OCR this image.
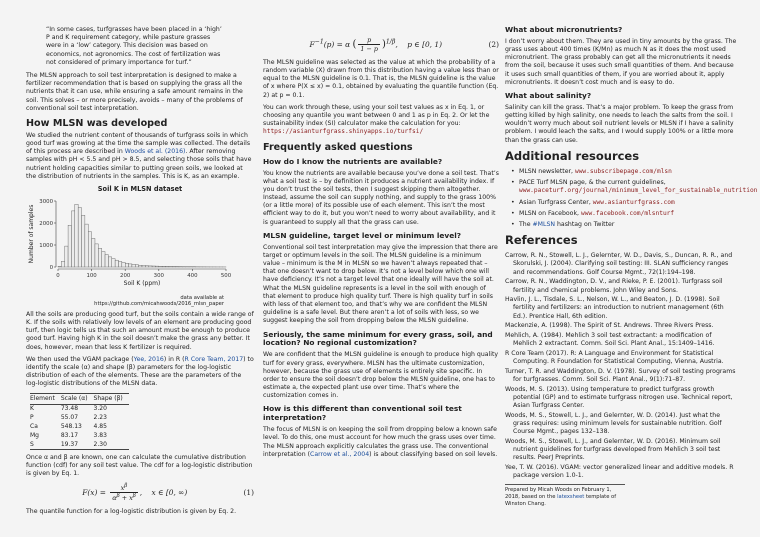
“In some cases, turfgrasses have been placed in a ‘high’ P and K requirement category, while pasture grasses were in a ‘low’ category. This decision was based on economics, not agronomics. The cost of fertilization was not considered of primary importance for turf.”

The MLSN approach to soil test interpretation is designed to make a fertilizer recommendation that is based on supplying the grass all the nutrients that it can use, while ensuring a safe amount remains in the soil. This solves – or more precisely, avoids – many of the problems of conventional soil test interpretation.

How MLSN was developed

We studied the nutrient content of thousands of turfgrass soils in which good turf was growing at the time the sample was collected. The details of this process are described in Woods et al. (2016). After removing samples with pH < 5.5 and pH > 8.5, and selecting those soils that have nutrient holding capacities similar to putting green soils, we looked at the distribution of nutrients in the samples. This is K, as an example.

Soil K in MLSN dataset
0	100	200	300	400	500
0
1000
2000
3000
Soil K (ppm)
Number of samples
data available at
https://github.com/micahwoods/2016_mlsn_paper

All the soils are producing good turf, but the soils contain a wide range of K. If the soils with relatively low levels of an element are producing good turf, then logic tells us that such an amount must be enough to produce good turf. Having high K in the soil doesn’t make the grass any better. It does, however, mean that less K fertilizer is required.

We then used the VGAM package (Yee, 2016) in R (R Core Team, 2017) to identify the scale (α) and shape (β) parameters for the log-logistic distribution of each of the elements. These are the parameters of the log-logistic distributions of the MLSN data.

Element	Scale (α)	Shape (β)
K	73.48	3.20
P	55.07	2.23
Ca	548.13	4.85
Mg	83.17	3.83
S	19.37	2.30

Once α and β are known, one can calculate the cumulative distribution function (cdf) for any soil test value. The cdf for a log-logistic distribution is given by Eq. 1.

$F(x) = \frac{x^\beta}{\alpha^\beta + x^\beta}$ ,    x ∈ [0, ∞)	(1)

The quantile function for a log-logistic distribution is given by Eq. 2.

$F^{-1}(p) = \alpha$ ( $\frac{p}{1 - p} )^{1/\beta}$,    p ∈ [0, 1)	(2)

The MLSN guideline was selected as the value at which the probability of a random variable (X) drawn from this distribution having a value less than or equal to the MLSN guideline is 0.1. That is, the MLSN guideline is the value of x where P(X ≤ x) = 0.1, obtained by evaluating the quantile function (Eq. 2) at p = 0.1.

You can work through these, using your soil test values as x in Eq. 1, or choosing any quantile you want between 0 and 1 as p in Eq. 2. Or let the sustainability index (SI) calculator make the calculation for you: https://asianturfgrass.shinyapps.io/turfsi/

Frequently asked questions
How do I know the nutrients are available?

You know the nutrients are available because you’ve done a soil test. That’s what a soil test is – by definition it produces a nutrient availability index. If you don’t trust the soil tests, then I suggest skipping them altogether. Instead, assume the soil can supply nothing, and supply to the grass 100% (or a little more) of its possible use of each element. This isn’t the most efficient way to do it, but you won’t need to worry about availability, and it is guaranteed to supply all that the grass can use.

MLSN guideline, target level or minimum level?

Conventional soil test interpretation may give the impression that there are target or optimum levels in the soil. The MLSN guideline is a minimum value – minimum is the M in MLSN so we haven’t always repeated that – that one doesn’t want to drop below. It’s not a level below which one will have deficiency. It’s not a target level that one ideally will have the soil at. What the MLSN guideline represents is a level in the soil with enough of that element to produce high quality turf. There is high quality turf in soils with less of that element too, and that’s why we are confident the MLSN guideline is a safe level. But there aren’t a lot of soils with less, so we suggest keeping the soil from dropping below the MLSN guideline.

Seriously, the same minimum for every grass, soil, and location? No regional customization?

We are confident that the MLSN guideline is enough to produce high quality turf for every grass, everywhere. MLSN has the ultimate customization, however, because the grass use of elements is entirely site specific. In order to ensure the soil doesn’t drop below the MLSN guideline, one has to estimate a, the expected plant use over time. That’s where the customization comes in.

How is this different than conventional soil test interpretation?

The focus of MLSN is on keeping the soil from dropping below a known safe level. To do this, one must account for how much the grass uses over time. The MLSN approach explicitly calculates the grass use. The conventional interpretation (Carrow et al., 2004) is about classifying based on soil levels.

What about micronutrients?

I don’t worry about them. They are used in tiny amounts by the grass. The grass uses about 400 times (K/Mn) as much N as it does the most used micronutrient. The grass probably can get all the micronutrients it needs from the soil, because it uses such small quantities of them. And because it uses such small quantities of them, if you are worried about it, apply micronutrients. It doesn’t cost much and is easy to do.

What about salinity?

Salinity can kill the grass. That’s a major problem. To keep the grass from getting killed by high salinity, one needs to leach the salts from the soil. I wouldn’t worry much about soil nutrient levels or MLSN if I have a salinity problem. I would leach the salts, and I would supply 100% or a little more than the grass can use.

Additional resources
• MLSN newsletter, www.subscribepage.com/mlsn
• PACE Turf MLSN page, & the current guidelines, www.paceturf.org/journal/minimum_level_for_sustainable_nutrition
• Asian Turfgrass Center, www.asianturfgrass.com
• MLSN on Facebook, www.facebook.com/mlsnturf
• The #MLSN hashtag on Twitter
References
Carrow, R. N., Stowell, L. J., Gelernter, W. D., Davis, S., Duncan, R. R., and Skorulski, J. (2004). Clarifying soil testing: III. SLAN sufficiency ranges and recommendations. Golf Course Mgmt., 72(1):194–198.
Carrow, R. N., Waddington, D. V., and Rieke, P. E. (2001). Turfgrass soil fertility and chemical problems. John Wiley and Sons.
Havlin, J. L., Tisdale, S. L., Nelson, W. L., and Beaton, J. D. (1998). Soil fertility and fertilizers: an introduction to nutrient management (6th Ed.). Prentice Hall, 6th edition.
Mackenzie, A. (1998). The Spirit of St. Andrews. Three Rivers Press.
Mehlich, A. (1984). Mehlich 3 soil test extractant: a modification of Mehlich 2 extractant. Comm. Soil Sci. Plant Anal., 15:1409–1416.
R Core Team (2017). R: A Language and Environment for Statistical Computing. R Foundation for Statistical Computing, Vienna, Austria.
Turner, T. R. and Waddington, D. V. (1978). Survey of soil testing programs for turfgrasses. Comm. Soil Sci. Plant Anal., 9(1):71–87.
Woods, M. S. (2013). Using temperature to predict turfgrass growth potential (GP) and to estimate turfgrass nitrogen use. Technical report, Asian Turfgrass Center.
Woods, M. S., Stowell, L. J., and Gelernter, W. D. (2014). Just what the grass requires: using minimum levels for sustainable nutrition. Golf Course Mgmt., pages 132–138.
Woods, M. S., Stowell, L. J., and Gelernter, W. D. (2016). Minimum soil nutrient guidelines for turfgrass developed from Mehlich 3 soil test results. PeerJ Preprints.
Yee, T. W. (2016). VGAM: vector generalized linear and additive models. R package version 1.0-1.
Prepared by Micah Woods on February 1, 2018, based on the latexsheet template of Winston Chang.
